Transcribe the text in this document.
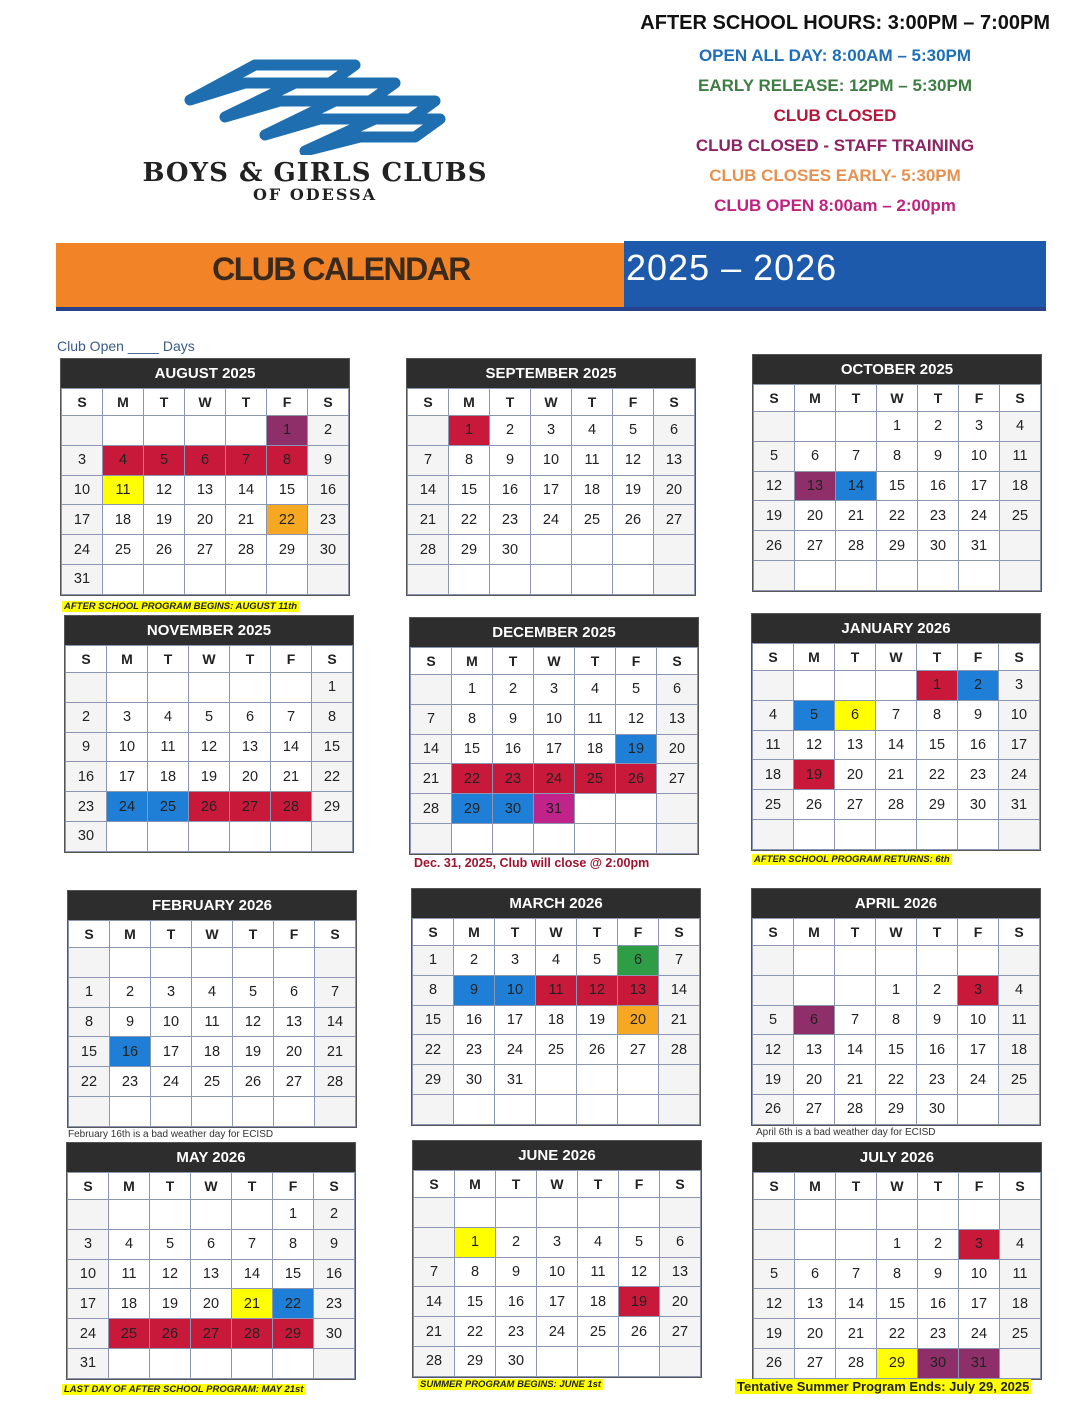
BOYS & GIRLS CLUBS
OF ODESSA
AFTER SCHOOL HOURS: 3:00PM – 7:00PM
OPEN ALL DAY: 8:00AM – 5:30PM
EARLY RELEASE: 12PM – 5:30PM
CLUB CLOSED
CLUB CLOSED - STAFF TRAINING
CLUB CLOSES EARLY- 5:30PM
CLUB OPEN 8:00am – 2:00pm
CLUB CALENDAR	2025 – 2026
Club Open ____ Days
AUGUST 2025
S	M	T	W	T	F	S
					1	2
3	4	5	6	7	8	9
10	11	12	13	14	15	16
17	18	19	20	21	22	23
24	25	26	27	28	29	30
31						
SEPTEMBER 2025
S	M	T	W	T	F	S
	1	2	3	4	5	6
7	8	9	10	11	12	13
14	15	16	17	18	19	20
21	22	23	24	25	26	27
28	29	30				

OCTOBER 2025
S	M	T	W	T	F	S
			1	2	3	4
5	6	7	8	9	10	11
12	13	14	15	16	17	18
19	20	21	22	23	24	25
26	27	28	29	30	31	

NOVEMBER 2025
S	M	T	W	T	F	S
						1
2	3	4	5	6	7	8
9	10	11	12	13	14	15
16	17	18	19	20	21	22
23	24	25	26	27	28	29
30						
DECEMBER 2025
S	M	T	W	T	F	S
	1	2	3	4	5	6
7	8	9	10	11	12	13
14	15	16	17	18	19	20
21	22	23	24	25	26	27
28	29	30	31			

JANUARY 2026
S	M	T	W	T	F	S
				1	2	3
4	5	6	7	8	9	10
11	12	13	14	15	16	17
18	19	20	21	22	23	24
25	26	27	28	29	30	31

FEBRUARY 2026
S	M	T	W	T	F	S

1	2	3	4	5	6	7
8	9	10	11	12	13	14
15	16	17	18	19	20	21
22	23	24	25	26	27	28

MARCH 2026
S	M	T	W	T	F	S
1	2	3	4	5	6	7
8	9	10	11	12	13	14
15	16	17	18	19	20	21
22	23	24	25	26	27	28
29	30	31				

APRIL 2026
S	M	T	W	T	F	S

			1	2	3	4
5	6	7	8	9	10	11
12	13	14	15	16	17	18
19	20	21	22	23	24	25
26	27	28	29	30		
MAY 2026
S	M	T	W	T	F	S
					1	2
3	4	5	6	7	8	9
10	11	12	13	14	15	16
17	18	19	20	21	22	23
24	25	26	27	28	29	30
31						
JUNE 2026
S	M	T	W	T	F	S

	1	2	3	4	5	6
7	8	9	10	11	12	13
14	15	16	17	18	19	20
21	22	23	24	25	26	27
28	29	30				
JULY 2026
S	M	T	W	T	F	S

			1	2	3	4
5	6	7	8	9	10	11
12	13	14	15	16	17	18
19	20	21	22	23	24	25
26	27	28	29	30	31	
AFTER SCHOOL PROGRAM BEGINS: AUGUST 11th
Dec. 31, 2025, Club will close @ 2:00pm	AFTER SCHOOL PROGRAM RETURNS: 6th
February 16th is a bad weather day for ECISD	April 6th is a bad weather day for ECISD
LAST DAY OF AFTER SCHOOL PROGRAM: MAY 21st	SUMMER PROGRAM BEGINS: JUNE 1st	Tentative Summer Program Ends: July 29, 2025
